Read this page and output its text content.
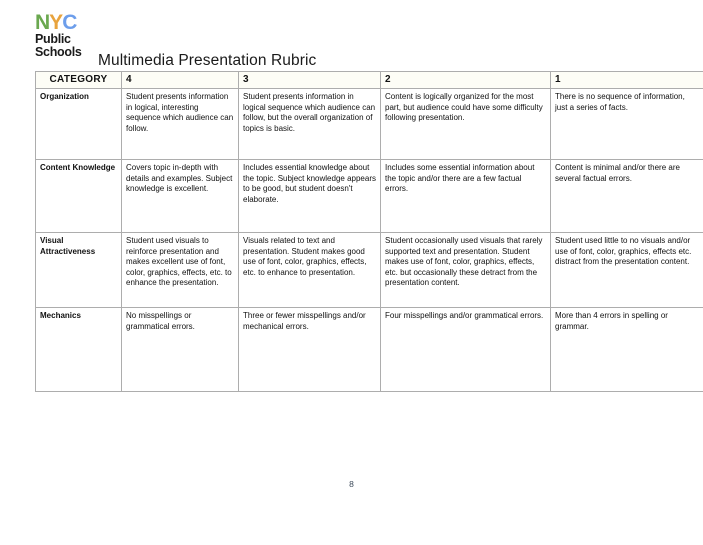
NYC
Public
Schools	Multimedia Presentation Rubric
CATEGORY	4	3	2	1
Organization	Student presents information in logical, interesting sequence which audience can follow.	Student presents information in logical sequence which audience can follow, but the overall organization of topics is basic.	Content is logically organized for the most part, but audience could have some difficulty following presentation.	There is no sequence of information, just a series of facts.
Content Knowledge	Covers topic in-depth with details and examples. Subject knowledge is excellent.	Includes essential knowledge about the topic. Subject knowledge appears to be good, but student doesn't elaborate.	Includes some essential information about the topic and/or there are a few factual errors.	Content is minimal and/or there are several factual errors.
Visual Attractiveness	Student used visuals to reinforce presentation and makes excellent use of font, color, graphics, effects, etc. to enhance the presentation.	Visuals related to text and presentation. Student makes good use of font, color, graphics, effects, etc. to enhance to presentation.	Student occasionally used visuals that rarely supported text and presentation. Student makes use of font, color, graphics, effects, etc. but occasionally these detract from the presentation content.	Student used little to no visuals and/or use of font, color, graphics, effects etc. distract from the presentation content.
Mechanics	No misspellings or grammatical errors.	Three or fewer misspellings and/or mechanical errors.	Four misspellings and/or grammatical errors.	More than 4 errors in spelling or grammar.
8
